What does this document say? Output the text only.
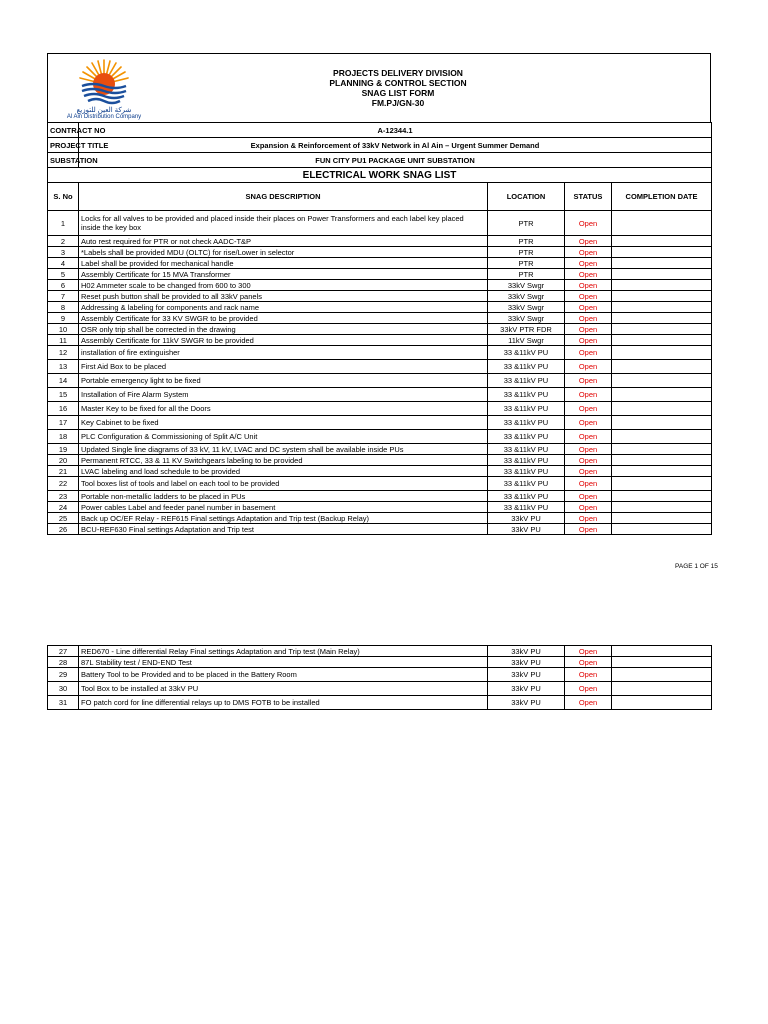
شركة العين للتوزيع
Al Ain Distribution Company
PROJECTS DELIVERY DIVISION
PLANNING & CONTROL SECTION
SNAG LIST FORM
FM.PJ/GN-30
CONTRACT NO	A-12344.1			
PROJECT TITLE	Expansion & Reinforcement of 33kV Network in Al Ain – Urgent Summer Demand			
SUBSTATION	FUN CITY PU1 PACKAGE UNIT SUBSTATION			
ELECTRICAL WORK SNAG LIST				
S. No	SNAG DESCRIPTION	LOCATION	STATUS	COMPLETION DATE
1	Locks for all valves to be provided and placed inside their places on Power Transformers and each label key placed inside the key box	PTR	Open	
2	Auto rest required for PTR or not check AADC-T&P	PTR	Open	
3	*Labels shall be provided MDU (OLTC) for rise/Lower in selector	PTR	Open	
4	Label shall be provided for mechanical handle	PTR	Open	
5	Assembly Certificate for 15 MVA Transformer	PTR	Open	
6	H02 Ammeter scale to be changed from 600 to 300	33kV Swgr	Open	
7	Reset push button shall be provided to all 33kV panels	33kV Swgr	Open	
8	Addressing & labeling for components and rack name	33kV Swgr	Open	
9	Assembly Certificate for 33 KV SWGR to be provided	33kV Swgr	Open	
10	OSR only trip shall be corrected in the drawing	33kV PTR FDR	Open	
11	Assembly Certificate for 11kV SWGR to be provided	11kV Swgr	Open	
12	installation of fire extinguisher	33 &11kV PU	Open	
13	First Aid Box to be placed	33 &11kV PU	Open	
14	Portable emergency light to be fixed	33 &11kV PU	Open	
15	Installation of Fire Alarm System	33 &11kV PU	Open	
16	Master Key to be fixed for all the Doors	33 &11kV PU	Open	
17	Key Cabinet to be fixed	33 &11kV PU	Open	
18	PLC Configuration & Commissioning of Split A/C Unit	33 &11kV PU	Open	
19	Updated Single line diagrams of 33 kV, 11 kV, LVAC and DC system shall be available inside PUs	33 &11kV PU	Open	
20	Permanent RTCC, 33 & 11 KV Switchgears labeling to be provided	33 &11kV PU	Open	
21	LVAC labeling and load schedule to be provided	33 &11kV PU	Open	
22	Tool boxes list of tools and label on each tool to be provided	33 &11kV PU	Open	
23	Portable non-metallic ladders to be placed in PUs	33 &11kV PU	Open	
24	Power cables Label and feeder panel number in basement	33 &11kV PU	Open	
25	Back up OC/EF Relay - REF615 Final settings Adaptation and Trip test (Backup Relay)	33kV PU	Open	
26	BCU-REF630 Final settings Adaptation and Trip test	33kV PU	Open	
PAGE 1 OF 15
27	RED670 - Line differential Relay Final settings Adaptation and Trip test (Main Relay)	33kV PU	Open	
28	87L Stability test / END-END Test	33kV PU	Open	
29	Battery Tool to be Provided and to be placed in the Battery Room	33kV PU	Open	
30	Tool Box to be installed at 33kV PU	33kV PU	Open	
31	FO patch cord for line differential relays up to DMS FOTB to be installed	33kV PU	Open	
